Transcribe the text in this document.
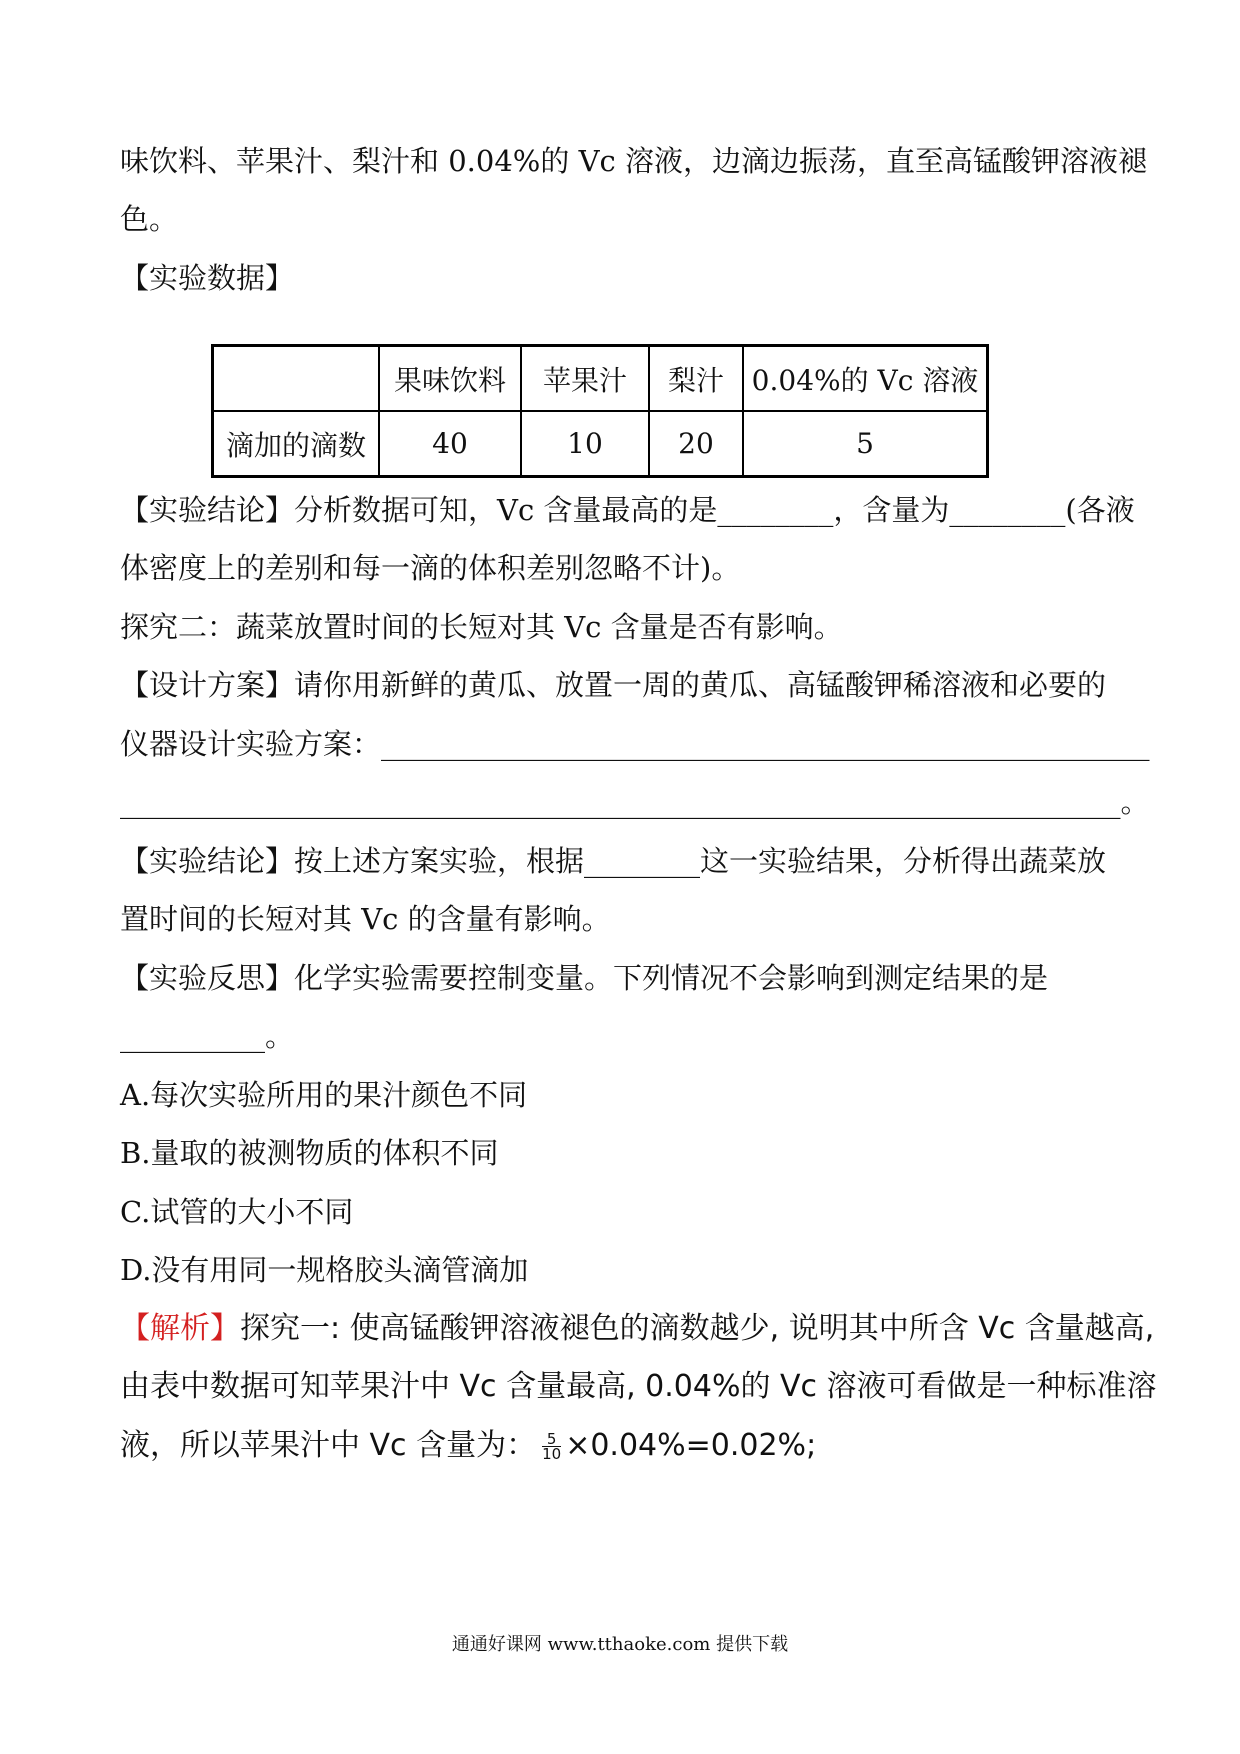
味饮料、苹果汁、梨汁和 0.04%的 Vc 溶液，边滴边振荡，直至高锰酸钾溶液褪
色。
【实验数据】
	果味饮料	苹果汁	梨汁	0.04%的 Vc 溶液
滴加的滴数	40	10	20	5
【实验结论】分析数据可知，Vc 含量最高的是________，含量为________(各液
体密度上的差别和每一滴的体积差别忽略不计)。
探究二：蔬菜放置时间的长短对其 Vc 含量是否有影响。
【设计方案】请你用新鲜的黄瓜、放置一周的黄瓜、高锰酸钾稀溶液和必要的
仪器设计实验方案：_____________________________________________________
_____________________________________________________________________。
【实验结论】按上述方案实验，根据________这一实验结果，分析得出蔬菜放
置时间的长短对其 Vc 的含量有影响。
【实验反思】化学实验需要控制变量。下列情况不会影响到测定结果的是
__________。
A.每次实验所用的果汁颜色不同
B.量取的被测物质的体积不同
C.试管的大小不同
D.没有用同一规格胶头滴管滴加
【解析】探究一: 使高锰酸钾溶液褪色的滴数越少, 说明其中所含 Vc 含量越高,
由表中数据可知苹果汁中 Vc 含量最高, 0.04%的 Vc 溶液可看做是一种标准溶
液，所以苹果汁中 Vc 含量为： $\frac{5}{10} \times 0.04\%=0.02\%$;
通通好课网 www.tthaoke.com 提供下载
